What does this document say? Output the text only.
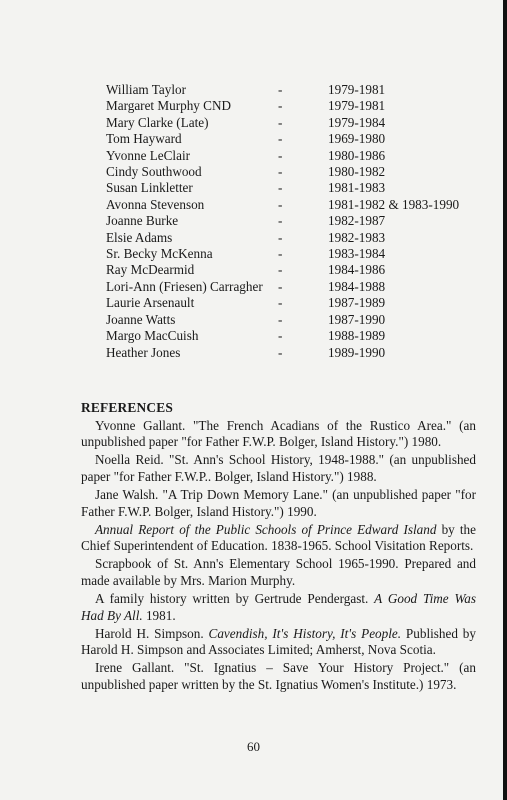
William Taylor	-	1979-1981
Margaret Murphy CND	-	1979-1981
Mary Clarke (Late)	-	1979-1984
Tom Hayward	-	1969-1980
Yvonne LeClair	-	1980-1986
Cindy Southwood	-	1980-1982
Susan Linkletter	-	1981-1983
Avonna Stevenson	-	1981-1982 & 1983-1990
Joanne Burke	-	1982-1987
Elsie Adams	-	1982-1983
Sr. Becky McKenna	-	1983-1984
Ray McDearmid	-	1984-1986
Lori-Ann (Friesen) Carragher	-	1984-1988
Laurie Arsenault	-	1987-1989
Joanne Watts	-	1987-1990
Margo MacCuish	-	1988-1989
Heather Jones	-	1989-1990
REFERENCES

Yvonne Gallant. "The French Acadians of the Rustico Area." (an unpublished paper "for Father F.W.P. Bolger, Island History.") 1980.

Noella Reid. "St. Ann's School History, 1948-1988." (an unpublished paper "for Father F.W.P.. Bolger, Island History.") 1988.

Jane Walsh. "A Trip Down Memory Lane." (an unpublished paper "for Father F.W.P. Bolger, Island History.") 1990.

Annual Report of the Public Schools of Prince Edward Island by the Chief Superintendent of Education. 1838-1965. School Visitation Reports.

Scrapbook of St. Ann's Elementary School 1965-1990. Prepared and made available by Mrs. Marion Murphy.

A family history written by Gertrude Pendergast. A Good Time Was Had By All. 1981.

Harold H. Simpson. Cavendish, It's History, It's People. Published by Harold H. Simpson and Associates Limited; Amherst, Nova Scotia.

Irene Gallant. "St. Ignatius – Save Your History Project." (an unpublished paper written by the St. Ignatius Women's Institute.) 1973.

60
